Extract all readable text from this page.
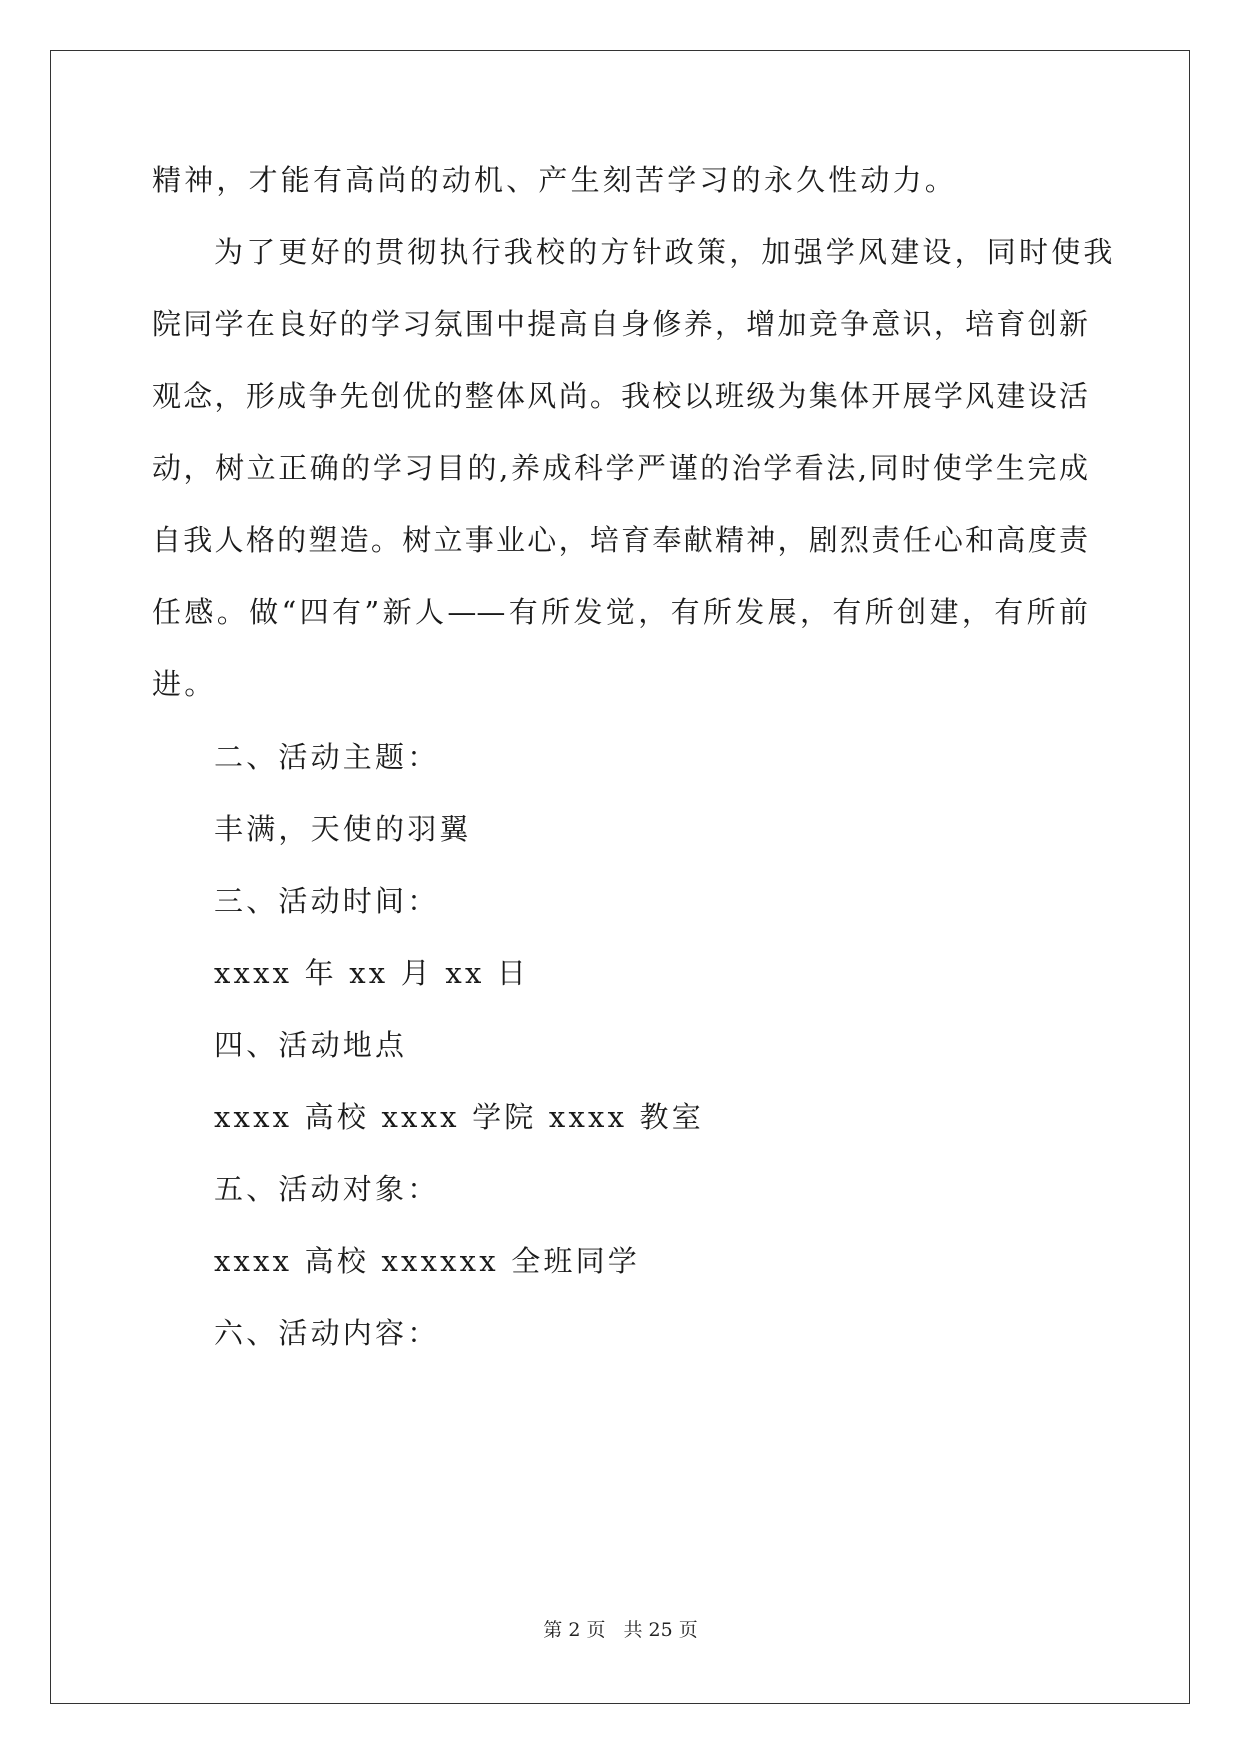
精神，才能有高尚的动机、产生刻苦学习的永久性动力。
为了更好的贯彻执行我校的方针政策，加强学风建设，同时使我
院同学在良好的学习氛围中提高自身修养，增加竞争意识，培育创新
观念，形成争先创优的整体风尚。我校以班级为集体开展学风建设活
动，树立正确的学习目的,养成科学严谨的治学看法,同时使学生完成
自我人格的塑造。树立事业心，培育奉献精神，剧烈责任心和高度责
任感。做“四有”新人——有所发觉，有所发展，有所创建，有所前
进。
二、活动主题：
丰满，天使的羽翼
三、活动时间：
xxxx 年 xx 月 xx 日
四、活动地点
xxxx 高校 xxxx 学院 xxxx 教室
五、活动对象：
xxxx 高校 xxxxxx 全班同学
六、活动内容：
第 2 页 共 25 页
